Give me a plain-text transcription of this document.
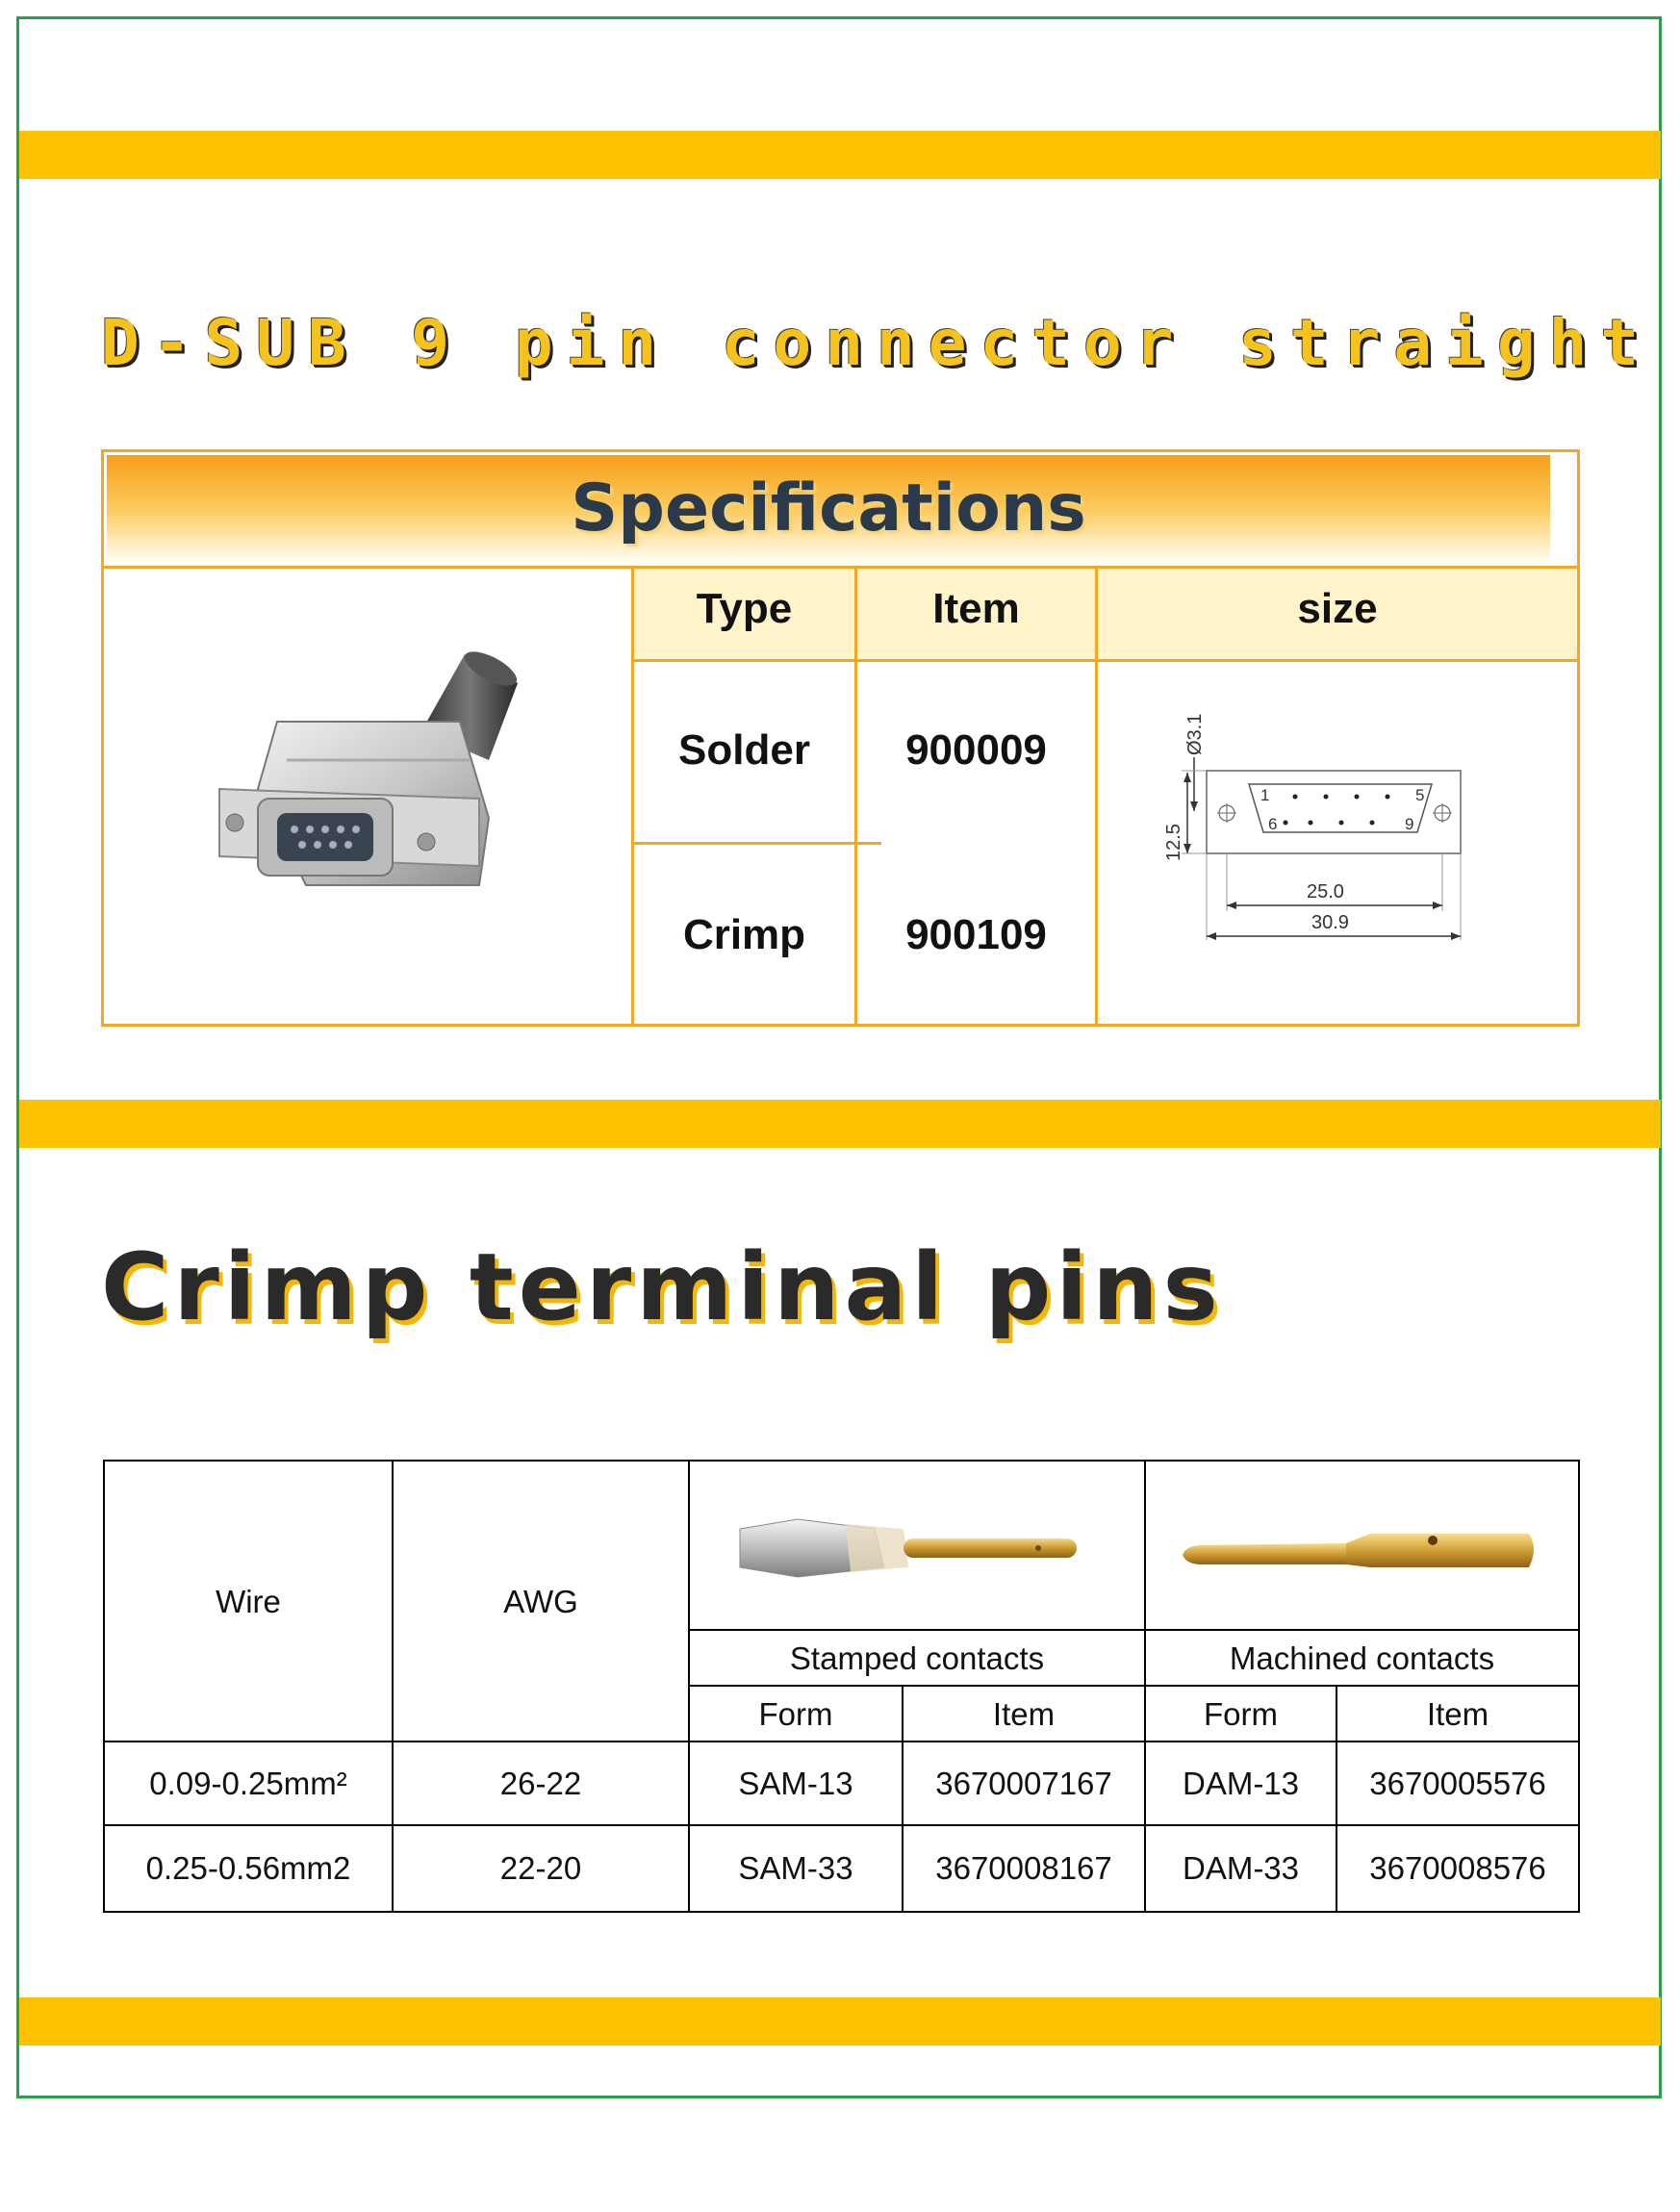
D-SUB 9 pin connector straight
Specifications
Type	Item	size
Solder	900009
Crimp	900109
Ø3.1
12.5
1	5
6	9
25.0
30.9
Crimp terminal pins
Wire	AWG
Stamped contacts	Machined contacts
Form	Item	Form	Item
0.09-0.25mm²	26-22	SAM-13	3670007167	DAM-13	3670005576
0.25-0.56mm2	22-20	SAM-33	3670008167	DAM-33	3670008576
